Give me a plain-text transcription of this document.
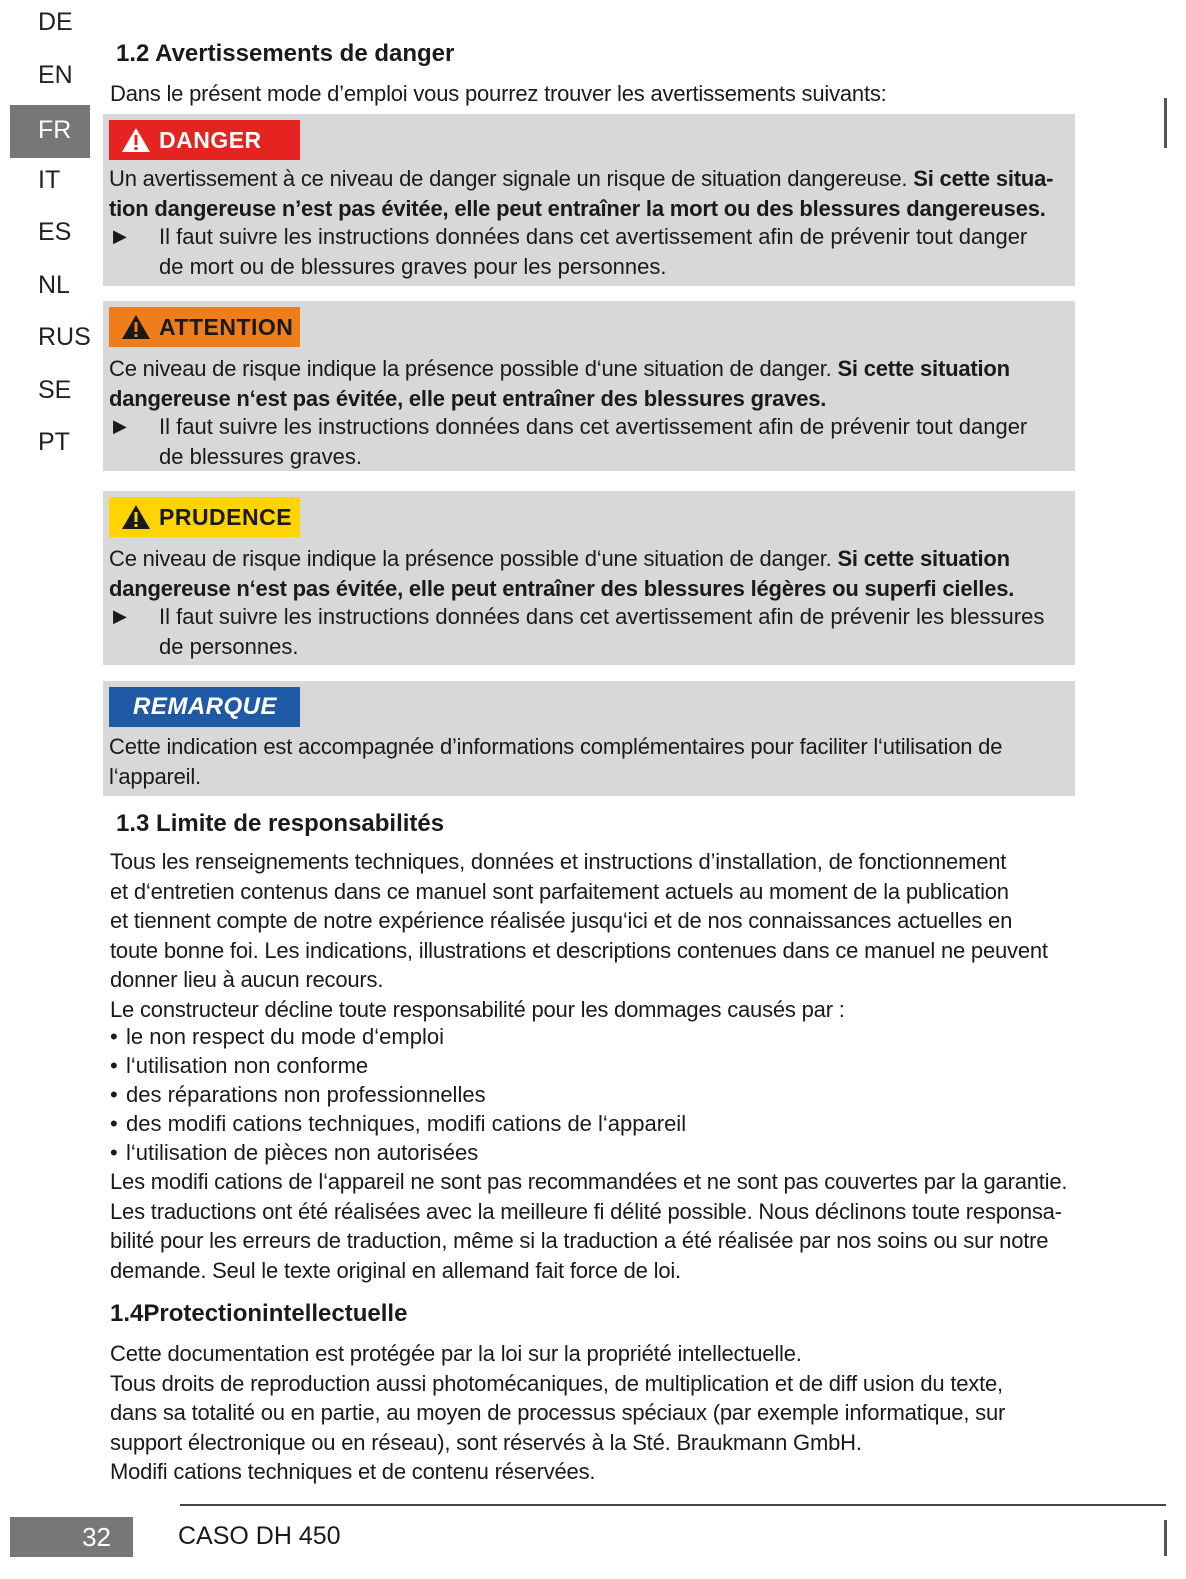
DE
EN
FR
IT
ES
NL
RUS
SE
PT
1.2 Avertissements de danger
Dans le présent mode d’emploi vous pourrez trouver les avertissements suivants:
DANGER
Un avertissement à ce niveau de danger signale un risque de situation dangereuse. Si cette situa-
tion dangereuse n’est pas évitée, elle peut entraîner la mort ou des blessures dangereuses.
▶ Il faut suivre les instructions données dans cet avertissement afin de prévenir tout danger
de mort ou de blessures graves pour les personnes.
ATTENTION
Ce niveau de risque indique la présence possible d‘une situation de danger. Si cette situation
dangereuse n‘est pas évitée, elle peut entraîner des blessures graves.
▶ Il faut suivre les instructions données dans cet avertissement afin de prévenir tout danger
de blessures graves.
PRUDENCE
Ce niveau de risque indique la présence possible d‘une situation de danger. Si cette situation
dangereuse n‘est pas évitée, elle peut entraîner des blessures légères ou superfi cielles.
▶ Il faut suivre les instructions données dans cet avertissement afin de prévenir les blessures
de personnes.
REMARQUE
Cette indication est accompagnée d’informations complémentaires pour faciliter l‘utilisation de
l‘appareil.
1.3 Limite de responsabilités
Tous les renseignements techniques, données et instructions d’installation, de fonctionnement
et d‘entretien contenus dans ce manuel sont parfaitement actuels au moment de la publication
et tiennent compte de notre expérience réalisée jusqu‘ici et de nos connaissances actuelles en
toute bonne foi. Les indications, illustrations et descriptions contenues dans ce manuel ne peuvent
donner lieu à aucun recours.
Le constructeur décline toute responsabilité pour les dommages causés par :
• le non respect du mode d‘emploi
• l‘utilisation non conforme
• des réparations non professionnelles
• des modifi cations techniques, modifi cations de l‘appareil
• l‘utilisation de pièces non autorisées
Les modifi cations de l‘appareil ne sont pas recommandées et ne sont pas couvertes par la garantie.
Les traductions ont été réalisées avec la meilleure fi délité possible. Nous déclinons toute responsa-
bilité pour les erreurs de traduction, même si la traduction a été réalisée par nos soins ou sur notre
demande. Seul le texte original en allemand fait force de loi.
1.4Protectionintellectuelle
Cette documentation est protégée par la loi sur la propriété intellectuelle.
Tous droits de reproduction aussi photomécaniques, de multiplication et de diff usion du texte,
dans sa totalité ou en partie, au moyen de processus spéciaux (par exemple informatique, sur
support électronique ou en réseau), sont réservés à la Sté. Braukmann GmbH.
Modifi cations techniques et de contenu réservées.
32	CASO DH 450
